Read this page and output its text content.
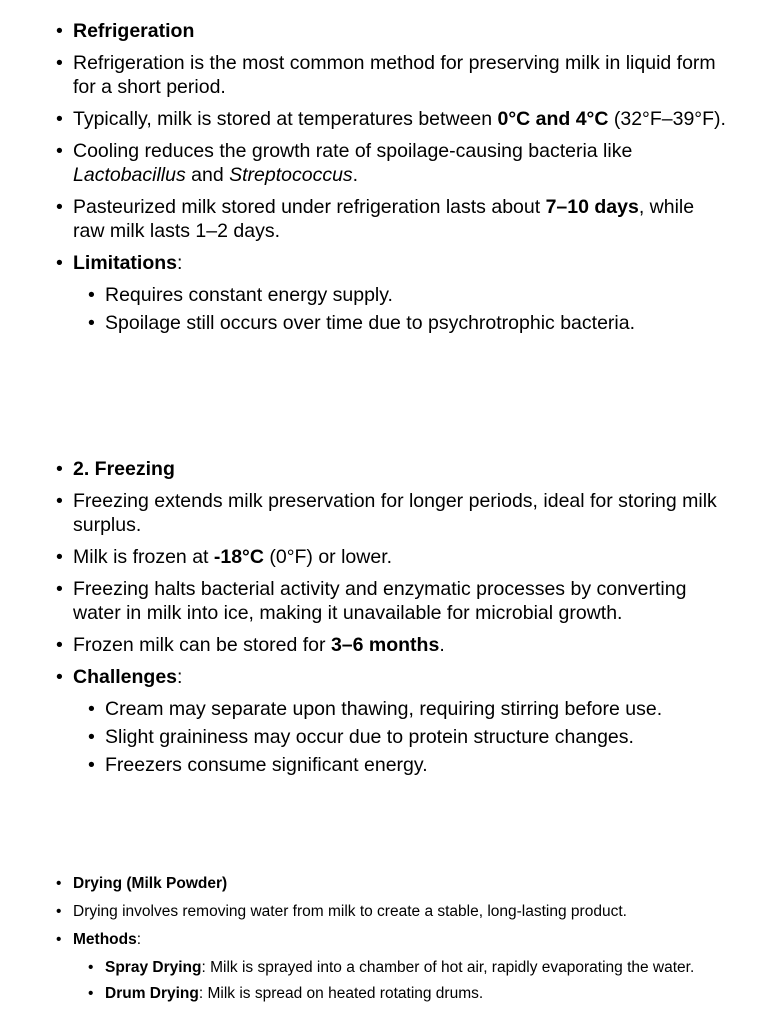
• Refrigeration
• Refrigeration is the most common method for preserving milk in liquid form for a short period.
• Typically, milk is stored at temperatures between 0°C and 4°C (32°F–39°F).
• Cooling reduces the growth rate of spoilage-causing bacteria like Lactobacillus and Streptococcus.
• Pasteurized milk stored under refrigeration lasts about 7–10 days, while raw milk lasts 1–2 days.
• Limitations:
• Requires constant energy supply.
• Spoilage still occurs over time due to psychrotrophic bacteria.
• 2. Freezing
• Freezing extends milk preservation for longer periods, ideal for storing milk surplus.
• Milk is frozen at -18°C (0°F) or lower.
• Freezing halts bacterial activity and enzymatic processes by converting water in milk into ice, making it unavailable for microbial growth.
• Frozen milk can be stored for 3–6 months.
• Challenges:
• Cream may separate upon thawing, requiring stirring before use.
• Slight graininess may occur due to protein structure changes.
• Freezers consume significant energy.
• Drying (Milk Powder)
• Drying involves removing water from milk to create a stable, long-lasting product.
• Methods:
• Spray Drying: Milk is sprayed into a chamber of hot air, rapidly evaporating the water.
• Drum Drying: Milk is spread on heated rotating drums.
